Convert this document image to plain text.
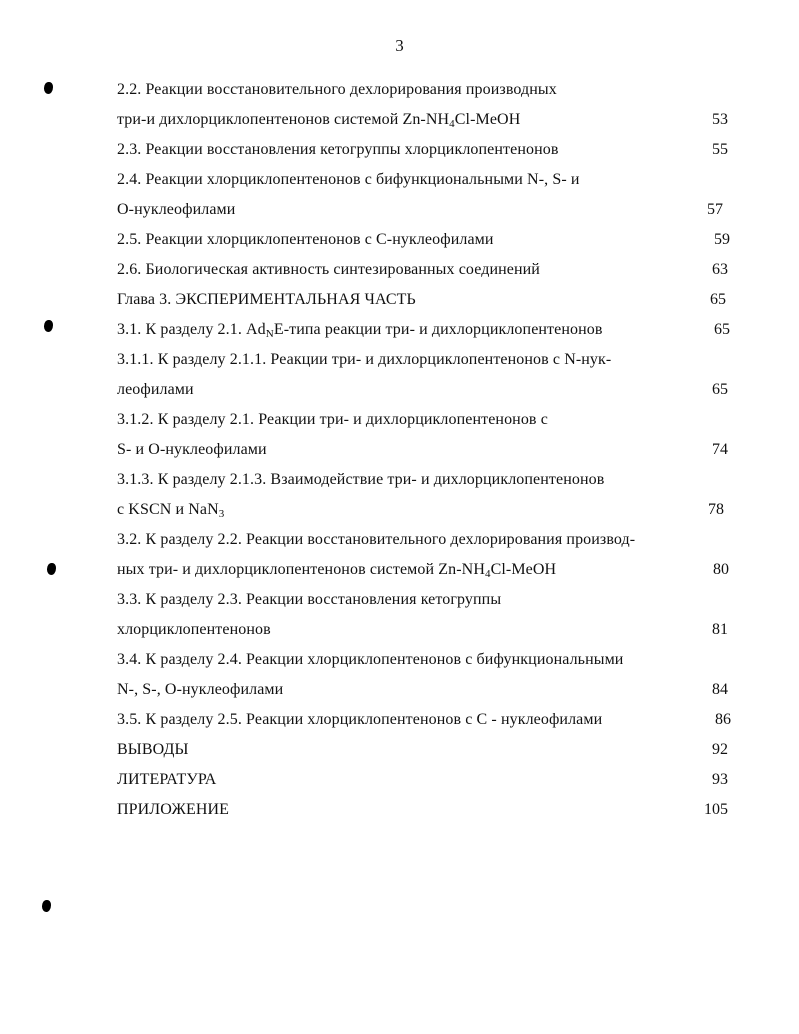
3
2.2. Реакции восстановительного дехлорирования производных
три-и дихлорциклопентенонов системой $Zn-NH_4Cl$-MeOH	53
2.3. Реакции восстановления кетогруппы хлорциклопентенонов	55
2.4. Реакции хлорциклопентенонов с бифункциональными N-, S- и
О-нуклеофилами	57
2.5. Реакции хлорциклопентенонов с С-нуклеофилами	59
2.6. Биологическая активность синтезированных соединений	63
Глава 3. ЭКСПЕРИМЕНТАЛЬНАЯ ЧАСТЬ	65
3.1. К разделу 2.1. $Ad_NE$-типа реакции три- и дихлорциклопентенонов	65
3.1.1. К разделу 2.1.1. Реакции три- и дихлорциклопентенонов с N-нук-
леофилами	65
3.1.2. К разделу 2.1. Реакции три- и дихлорциклопентенонов с
S- и О-нуклеофилами	74
3.1.3. К разделу 2.1.3. Взаимодействие три- и дихлорциклопентенонов
с KSCN и NaN$_3$	78
3.2. К разделу 2.2. Реакции восстановительного дехлорирования производ-
ных три- и дихлорциклопентенонов системой $Zn-NH_4Cl$-MeOH	80
3.3. К разделу 2.3. Реакции восстановления кетогруппы
хлорциклопентенонов	81
3.4. К разделу 2.4. Реакции хлорциклопентенонов с бифункциональными
N-, S-, О-нуклеофилами	84
3.5. К разделу 2.5. Реакции хлорциклопентенонов с С - нуклеофилами	86
ВЫВОДЫ	92
ЛИТЕРАТУРА	93
ПРИЛОЖЕНИЕ	105
